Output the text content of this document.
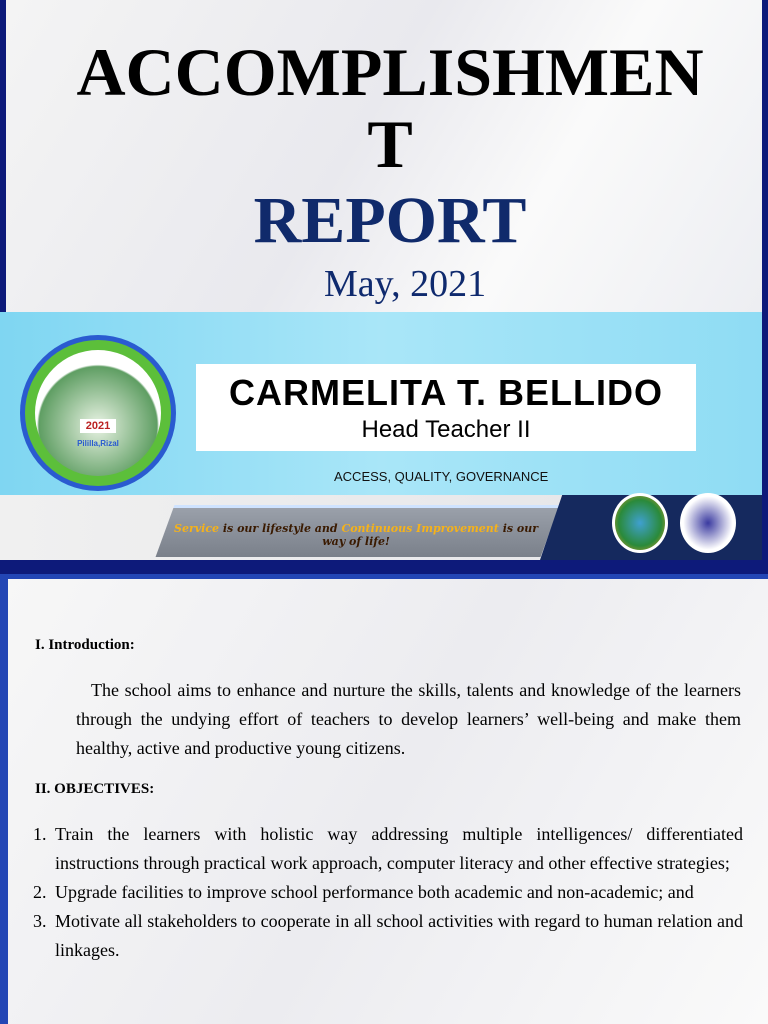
ACCOMPLISHMEN
T
REPORT
May, 2021
2021
Pililla,Rizal
CARMELITA T. BELLIDO
Head Teacher II
ACCESS, QUALITY, GOVERNANCE
Service is our lifestyle and Continuous Improvement is our way of life!
I. Introduction:
The school aims to enhance and nurture the skills, talents and knowledge of the learners through the undying effort of teachers to develop learners’ well-being and make them healthy, active and productive young citizens.
II. OBJECTIVES:
1. Train the learners with holistic way addressing multiple intelligences/ differentiated instructions through practical work approach, computer literacy and other effective strategies;
2. Upgrade facilities to improve school performance both academic and non-academic; and
3. Motivate all stakeholders to cooperate in all school activities with regard to human relation and linkages.
